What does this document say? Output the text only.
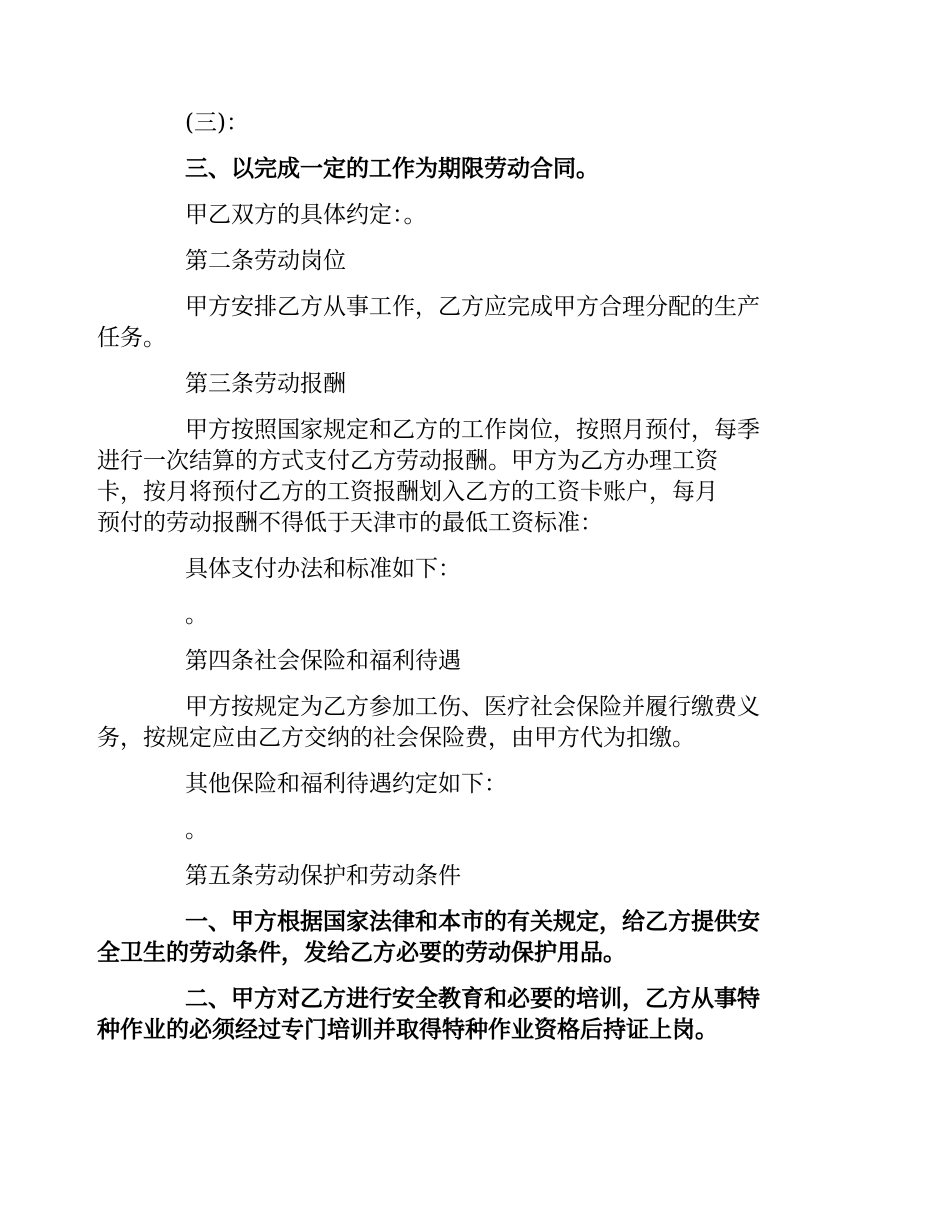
(三)：

三、以完成一定的工作为期限劳动合同。

甲乙双方的具体约定：。

第二条劳动岗位

甲方安排乙方从事工作，乙方应完成甲方合理分配的生产
任务。

第三条劳动报酬

甲方按照国家规定和乙方的工作岗位，按照月预付，每季
进行一次结算的方式支付乙方劳动报酬。甲方为乙方办理工资
卡，按月将预付乙方的工资报酬划入乙方的工资卡账户，每月
预付的劳动报酬不得低于天津市的最低工资标准：

具体支付办法和标准如下：

。

第四条社会保险和福利待遇

甲方按规定为乙方参加工伤、医疗社会保险并履行缴费义
务，按规定应由乙方交纳的社会保险费，由甲方代为扣缴。

其他保险和福利待遇约定如下：

。

第五条劳动保护和劳动条件

一、甲方根据国家法律和本市的有关规定，给乙方提供安
全卫生的劳动条件，发给乙方必要的劳动保护用品。

二、甲方对乙方进行安全教育和必要的培训，乙方从事特
种作业的必须经过专门培训并取得特种作业资格后持证上岗。
